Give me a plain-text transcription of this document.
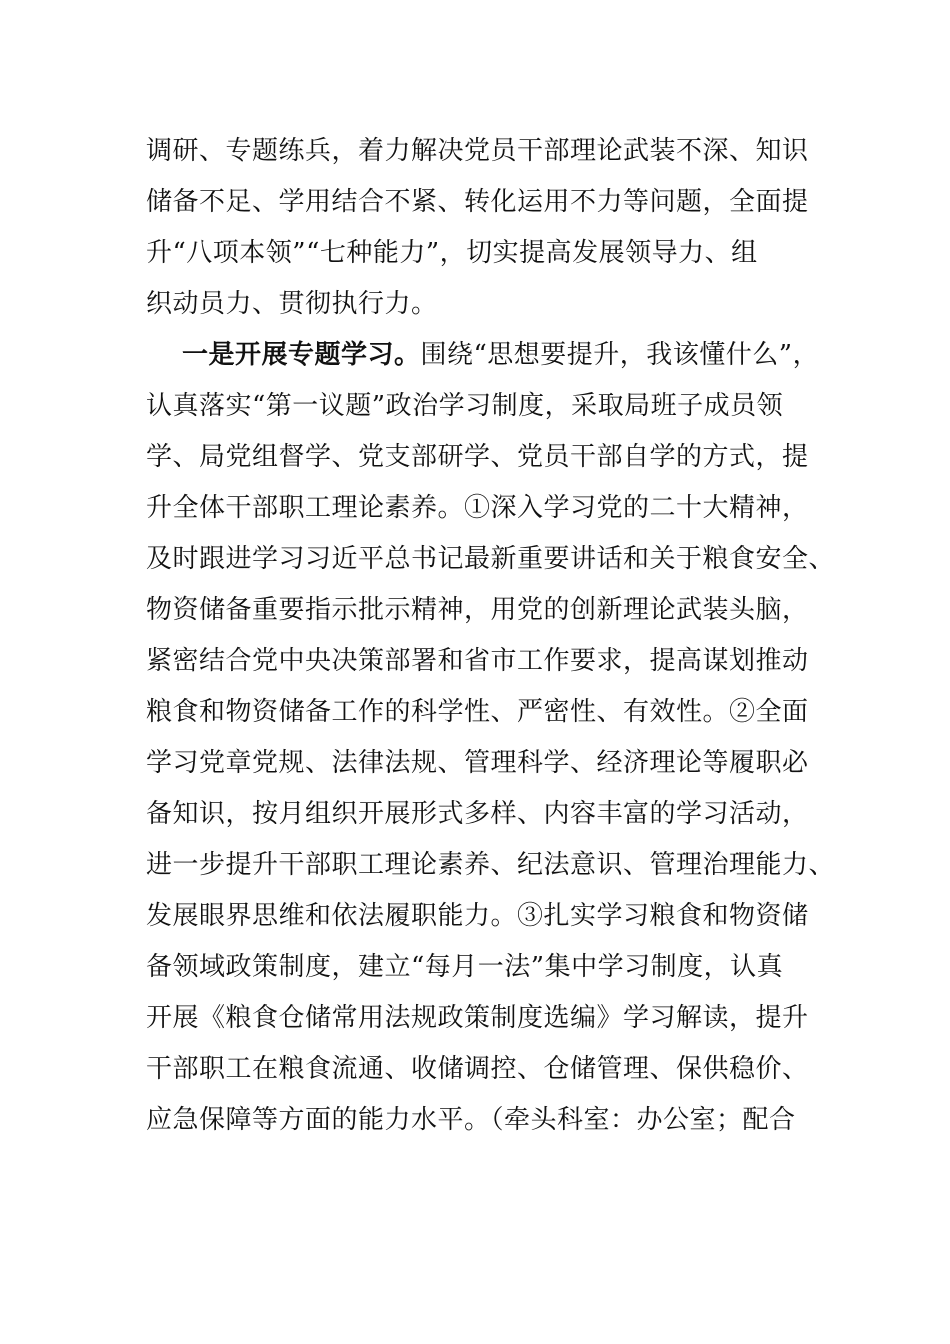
调研、专题练兵，着力解决党员干部理论武装不深、知识
储备不足、学用结合不紧、转化运用不力等问题，全面提
升“八项本领”“七种能力”，切实提高发展领导力、组
织动员力、贯彻执行力。
一是开展专题学习。围绕“思想要提升，我该懂什么”，
认真落实“第一议题”政治学习制度，采取局班子成员领
学、局党组督学、党支部研学、党员干部自学的方式，提
升全体干部职工理论素养。①深入学习党的二十大精神，
及时跟进学习习近平总书记最新重要讲话和关于粮食安全、
物资储备重要指示批示精神，用党的创新理论武装头脑，
紧密结合党中央决策部署和省市工作要求，提高谋划推动
粮食和物资储备工作的科学性、严密性、有效性。②全面
学习党章党规、法律法规、管理科学、经济理论等履职必
备知识，按月组织开展形式多样、内容丰富的学习活动，
进一步提升干部职工理论素养、纪法意识、管理治理能力、
发展眼界思维和依法履职能力。③扎实学习粮食和物资储
备领域政策制度，建立“每月一法”集中学习制度，认真
开展《粮食仓储常用法规政策制度选编》学习解读，提升
干部职工在粮食流通、收储调控、仓储管理、保供稳价、
应急保障等方面的能力水平。（牵头科室：办公室；配合
